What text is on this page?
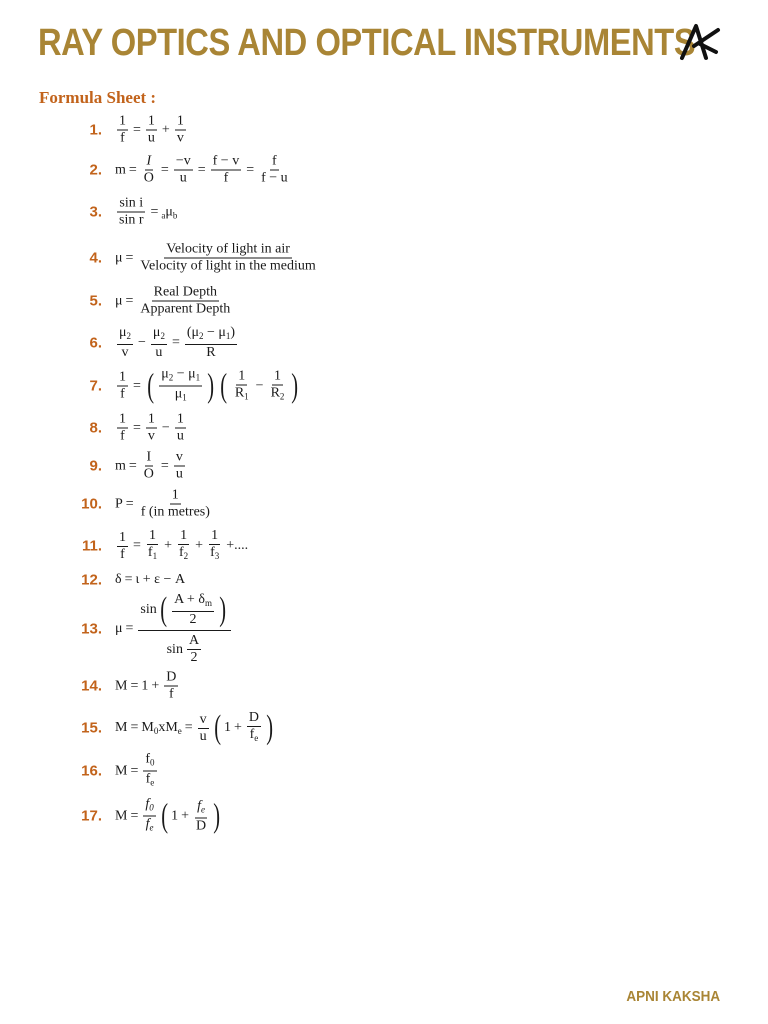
RAY OPTICS AND OPTICAL INSTRUMENTS
Formula Sheet :
1. $\frac{1}{f} = \frac{1}{u} + \frac{1}{v}$
2. $m = \frac{I}{O} = \frac{-v}{u} = \frac{f - v}{f} = \frac{f}{f - u}$
3. $\frac{\text{sin i}}{\text{sin r}} = _a\mu_b$
4. μ =
Velocity of light in air
Velocity of light in the medium
5. μ =
Real Depth
Apparent Depth
6.
$\mu_2$
v
− $\frac{\mu_2}{u} = \frac{(\mu_2 - \mu_1)}{R}$
7. $\frac{1}{f}$ = ( $\mu_2 - \mu_1$
$\mu_1$ ) ( 1
$R_1$
− $\frac{1}{R_2}$ )
8. $\frac{1}{f} = \frac{1}{v} - \frac{1}{u}$
9. $m = \frac{I}{O} = \frac{v}{u}$
10. P =
1
f (in metres)
11. $\frac{1}{f} = \frac{1}{f_1} + \frac{1}{f_2} + \frac{1}{f_3}$ +....
12. δ = ι + ε − A
13. μ = sin ( $A + \delta_m$
2 )
sin
A
2
14. $M = 1 + \frac{D}{f}$
15. $M = M_0xM_e = \frac{v}{u}$ ( $1 + \frac{D}{f_e}$ )
16. $M = \frac{f_0}{f_e}$
17. $M = \frac{f_0}{f_e}$ ( $1 + \frac{f_e}{D}$ )
APNI KAKSHA
